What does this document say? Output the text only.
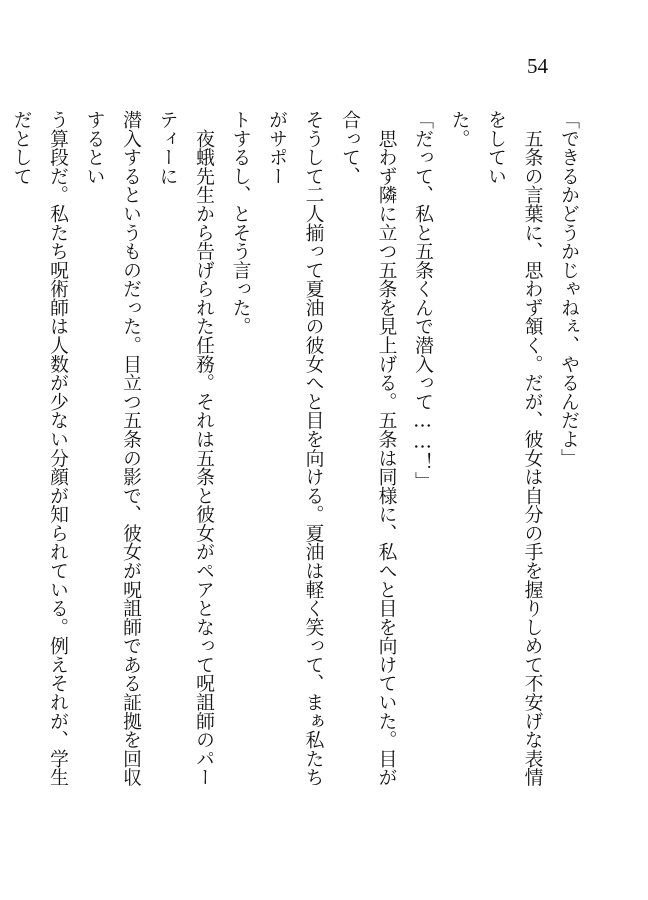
54

「できるかどうかじゃねぇ、やるんだよ」

　五条の言葉に、思わず頷く。だが、彼女は自分の手を握りしめて不安げな表情をしてい

た。

「だって、私と五条くんで潜入って……！」

　思わず隣に立つ五条を見上げる。五条は同様に、私へと目を向けていた。目が合って、

そうして二人揃って夏油の彼女へと目を向ける。夏油は軽く笑って、まぁ私たちがサポー

トするし、とそう言った。

　夜蛾先生から告げられた任務。それは五条と彼女がペアとなって呪詛師のパーティーに

潜入するというものだった。目立つ五条の影で、彼女が呪詛師である証拠を回収するとい

う算段だ。私たち呪術師は人数が少ない分顔が知られている。例えそれが、学生だとして
